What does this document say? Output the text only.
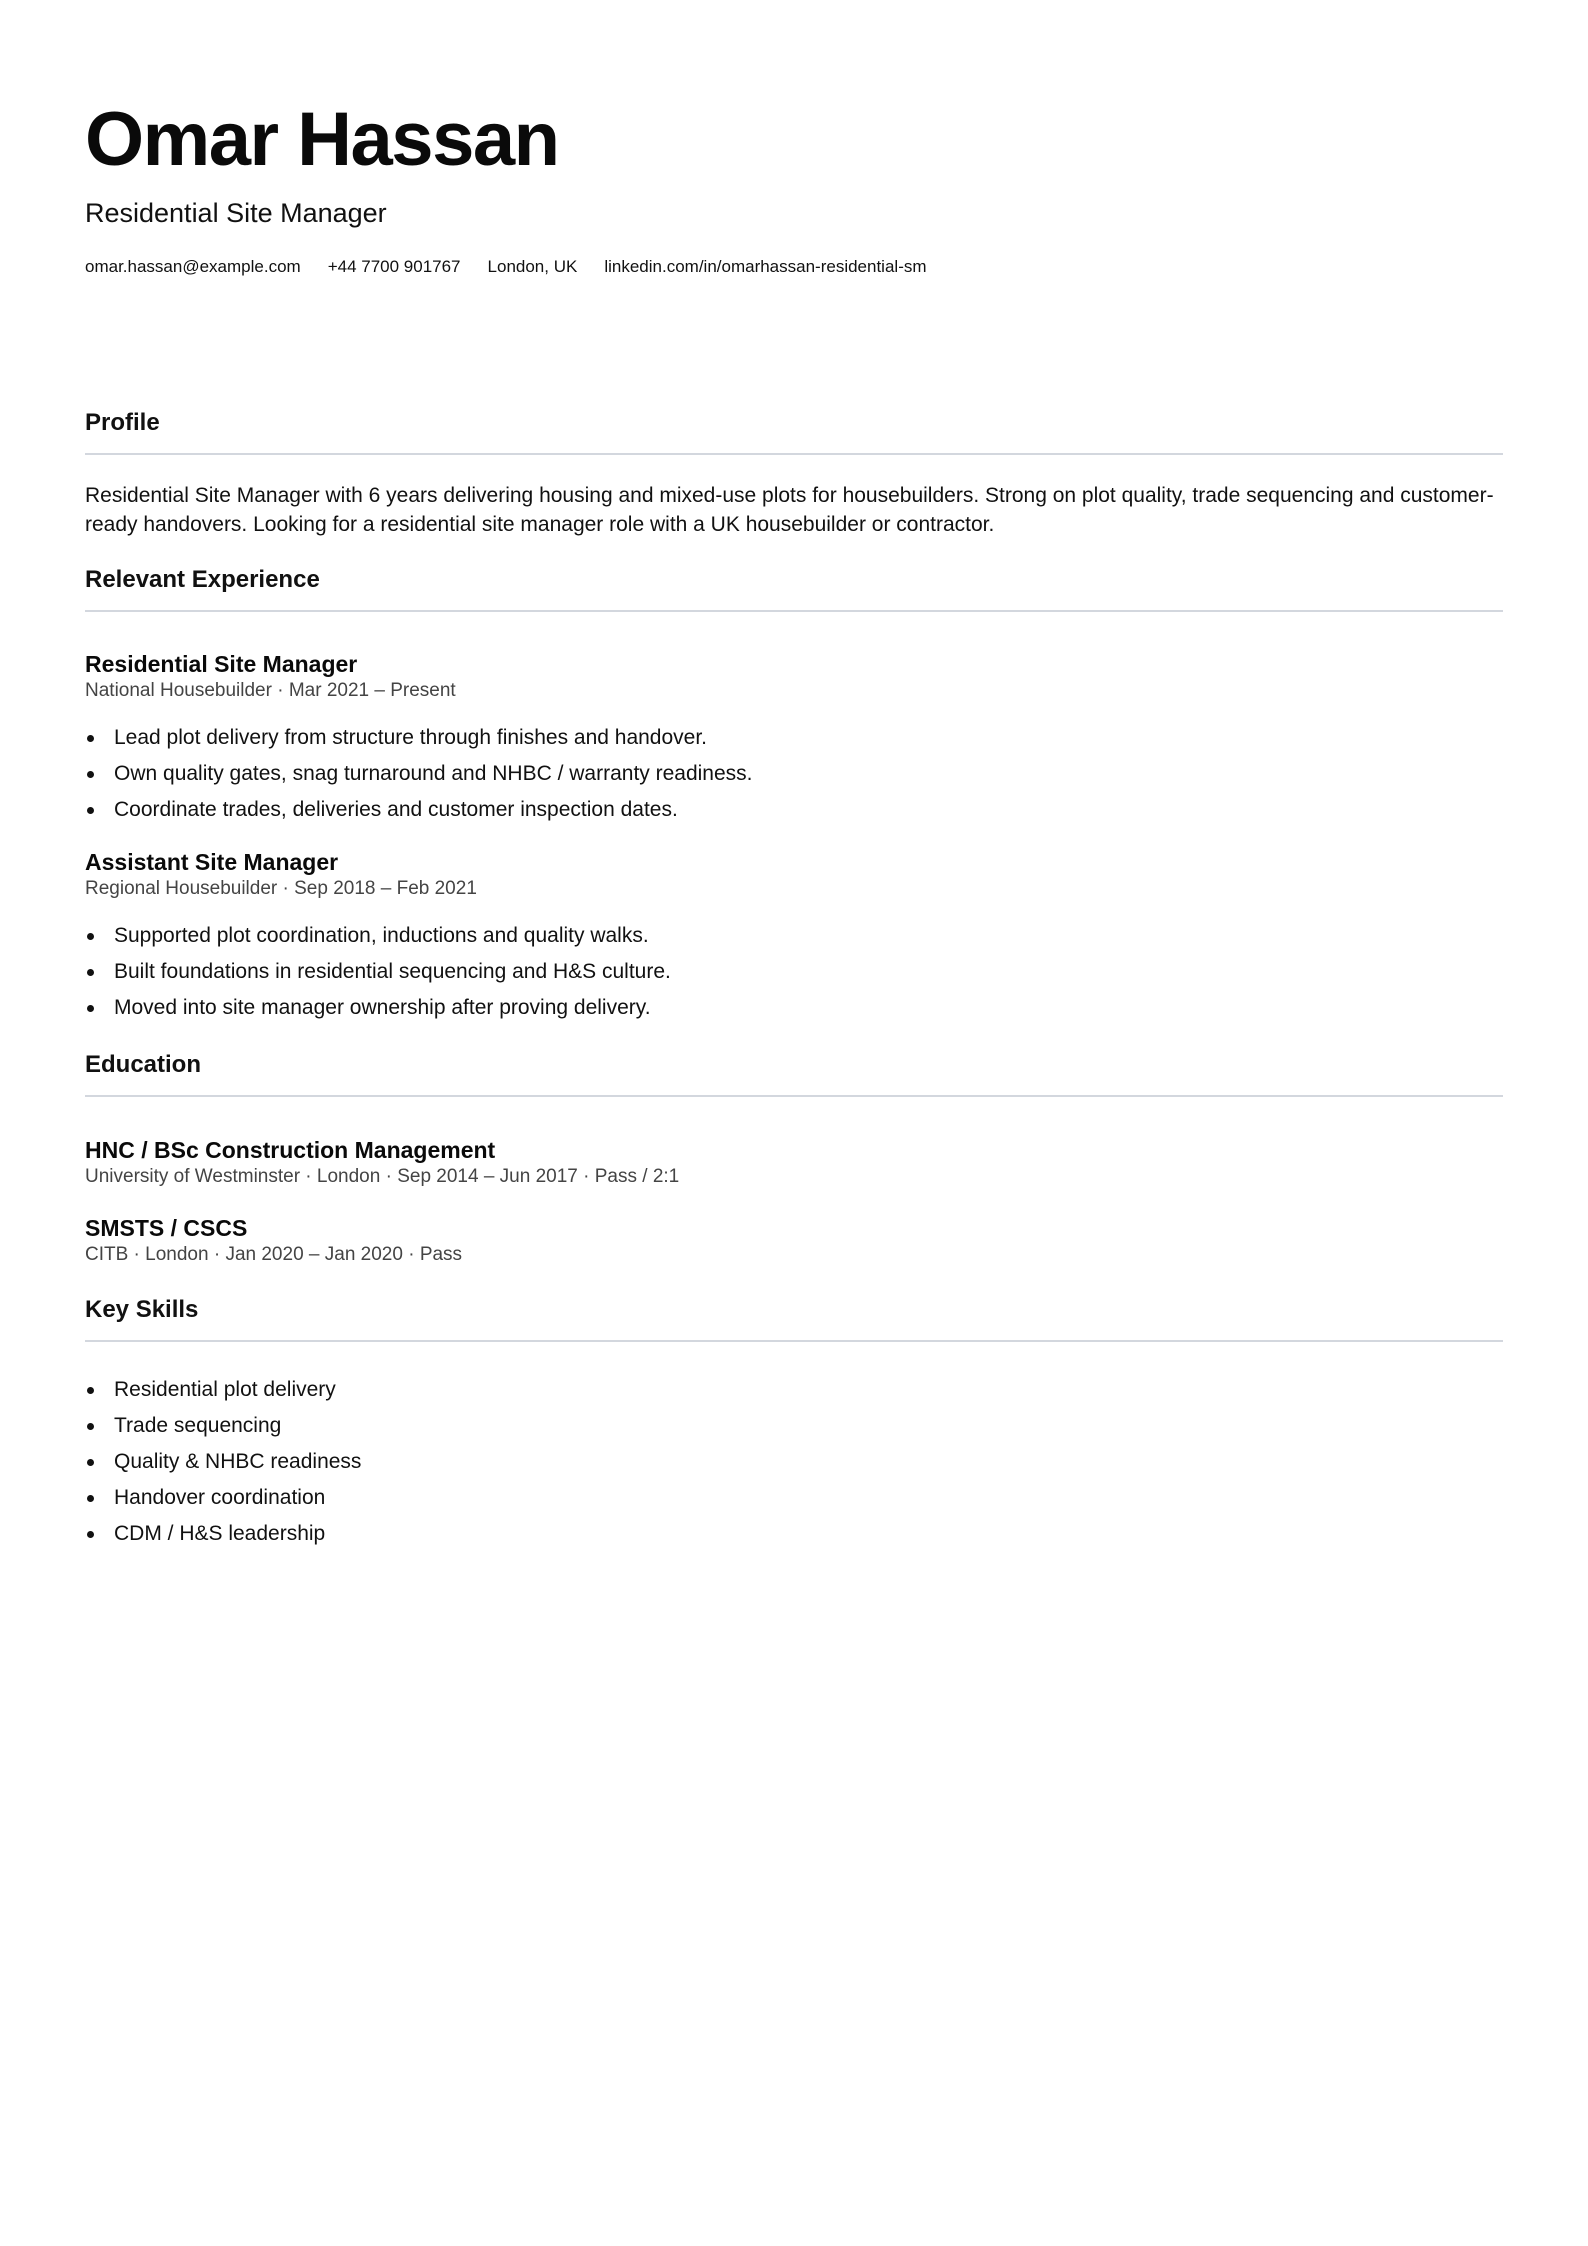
Omar Hassan
Residential Site Manager
omar.hassan@example.com +44 7700 901767 London, UK linkedin.com/in/omarhassan-residential-sm
Profile

Residential Site Manager with 6 years delivering housing and mixed-use plots for housebuilders. Strong on plot quality, trade sequencing and customer-ready handovers. Looking for a residential site manager role with a UK housebuilder or contractor.

Relevant Experience
Residential Site Manager
National Housebuilder · Mar 2021 – Present
Lead plot delivery from structure through finishes and handover.
Own quality gates, snag turnaround and NHBC / warranty readiness.
Coordinate trades, deliveries and customer inspection dates.
Assistant Site Manager
Regional Housebuilder · Sep 2018 – Feb 2021
Supported plot coordination, inductions and quality walks.
Built foundations in residential sequencing and H&S culture.
Moved into site manager ownership after proving delivery.
Education
HNC / BSc Construction Management
University of Westminster · London · Sep 2014 – Jun 2017 · Pass / 2:1
SMSTS / CSCS
CITB · London · Jan 2020 – Jan 2020 · Pass
Key Skills
Residential plot delivery
Trade sequencing
Quality & NHBC readiness
Handover coordination
CDM / H&S leadership
